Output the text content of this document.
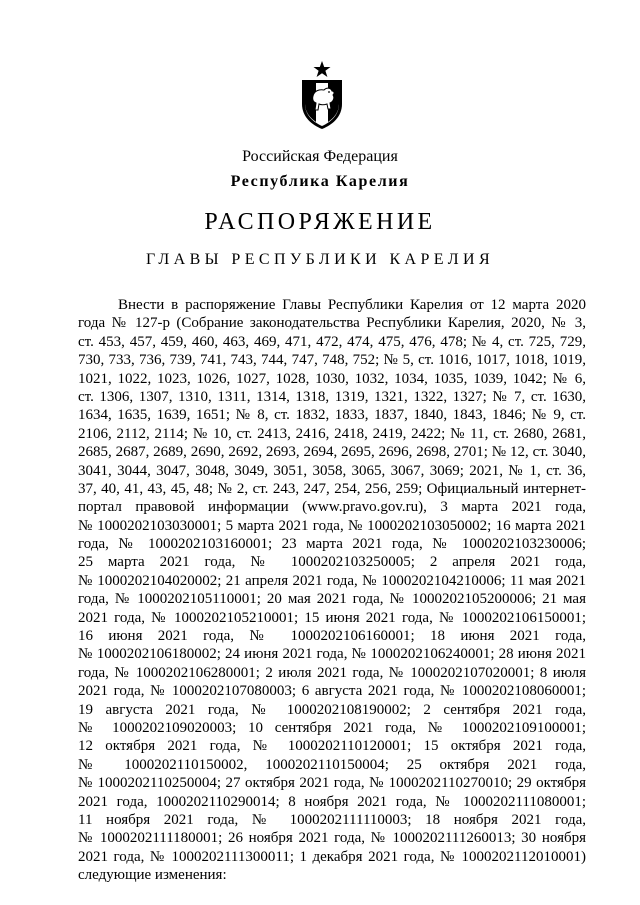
Российская Федерация
Республика Карелия
РАСПОРЯЖЕНИЕ
ГЛАВЫ РЕСПУБЛИКИ КАРЕЛИЯ
Внести в распоряжение Главы Республики Карелия от 12 марта 2020
года № 127-р (Собрание законодательства Республики Карелия, 2020, № 3,
ст. 453, 457, 459, 460, 463, 469, 471, 472, 474, 475, 476, 478; № 4, ст. 725, 729,
730, 733, 736, 739, 741, 743, 744, 747, 748, 752; № 5, ст. 1016, 1017, 1018, 1019,
1021, 1022, 1023, 1026, 1027, 1028, 1030, 1032, 1034, 1035, 1039, 1042; № 6,
ст. 1306, 1307, 1310, 1311, 1314, 1318, 1319, 1321, 1322, 1327; № 7, ст. 1630,
1634, 1635, 1639, 1651; № 8, ст. 1832, 1833, 1837, 1840, 1843, 1846; № 9, ст.
2106, 2112, 2114; № 10, ст. 2413, 2416, 2418, 2419, 2422; № 11, ст. 2680, 2681,
2685, 2687, 2689, 2690, 2692, 2693, 2694, 2695, 2696, 2698, 2701; № 12, ст. 3040,
3041, 3044, 3047, 3048, 3049, 3051, 3058, 3065, 3067, 3069; 2021, № 1, ст. 36,
37, 40, 41, 43, 45, 48; № 2, ст. 243, 247, 254, 256, 259; Официальный интернет-
портал правовой информации (www.pravo.gov.ru), 3 марта 2021 года,
№ 1000202103030001; 5 марта 2021 года, № 1000202103050002; 16 марта 2021
года, № 1000202103160001; 23 марта 2021 года, № 1000202103230006;
25 марта 2021 года, № 1000202103250005; 2 апреля 2021 года,
№ 1000202104020002; 21 апреля 2021 года, № 1000202104210006; 11 мая 2021
года, № 1000202105110001; 20 мая 2021 года, № 1000202105200006; 21 мая
2021 года, № 1000202105210001; 15 июня 2021 года, № 1000202106150001;
16 июня 2021 года, № 1000202106160001; 18 июня 2021 года,
№ 1000202106180002; 24 июня 2021 года, № 1000202106240001; 28 июня 2021
года, № 1000202106280001; 2 июля 2021 года, № 1000202107020001; 8 июля
2021 года, № 1000202107080003; 6 августа 2021 года, № 1000202108060001;
19 августа 2021 года, № 1000202108190002; 2 сентября 2021 года,
№ 1000202109020003; 10 сентября 2021 года, № 1000202109100001;
12 октября 2021 года, № 1000202110120001; 15 октября 2021 года,
№ 1000202110150002, 1000202110150004; 25 октября 2021 года,
№ 1000202110250004; 27 октября 2021 года, № 1000202110270010; 29 октября
2021 года, 1000202110290014; 8 ноября 2021 года, № 1000202111080001;
11 ноября 2021 года, № 1000202111110003; 18 ноября 2021 года,
№ 1000202111180001; 26 ноября 2021 года, № 1000202111260013; 30 ноября
2021 года, № 1000202111300011; 1 декабря 2021 года, № 1000202112010001)
следующие изменения:
